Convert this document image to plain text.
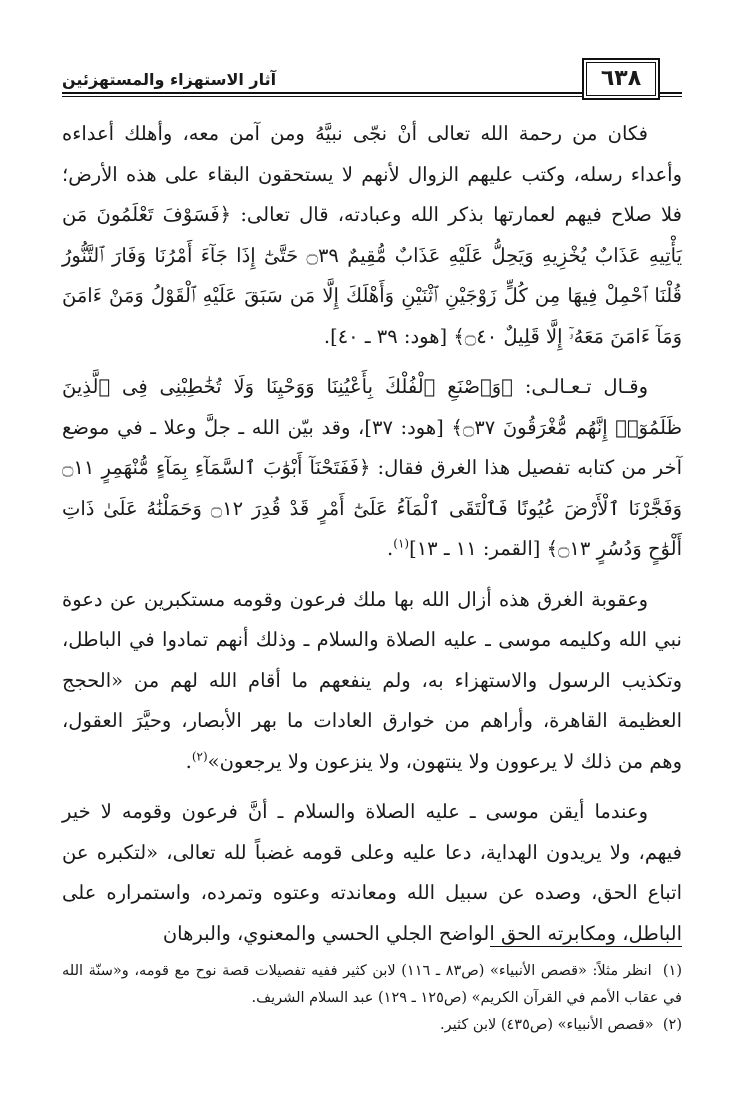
آثار الاستهزاء والمستهزئين	٦٣٨

فكان من رحمة الله تعالى أنْ نجّى نبيَّهُ ومن آمن معه، وأهلك أعداءه وأعداء رسله، وكتب عليهم الزوال لأنهم لا يستحقون البقاء على هذه الأرض؛ فلا صلاح فيهم لعمارتها بذكر الله وعبادته، قال تعالى: ﴿فَسَوْفَ تَعْلَمُونَ مَن يَأْتِيهِ عَذَابٌ يُخْزِيهِ وَيَحِلُّ عَلَيْهِ عَذَابٌ مُّقِيمٌ ۝٣٩ حَتَّىٰٓ إِذَا جَآءَ أَمْرُنَا وَفَارَ ٱلتَّنُّورُ قُلْنَا ٱحْمِلْ فِيهَا مِن كُلٍّ زَوْجَيْنِ ٱثْنَيْنِ وَأَهْلَكَ إِلَّا مَن سَبَقَ عَلَيْهِ ٱلْقَوْلُ وَمَنْ ءَامَنَ وَمَآ ءَامَنَ مَعَهُۥٓ إِلَّا قَلِيلٌ ۝٤٠﴾ [هود: ٣٩ ـ ٤٠].

وقـال تـعـالـى: ﴿وَٱصْنَعِ ٱلْفُلْكَ بِأَعْيُنِنَا وَوَحْيِنَا وَلَا تُخَٰطِبْنِى فِى ٱلَّذِينَ ظَلَمُوٓا۟ إِنَّهُم مُّغْرَقُونَ ۝٣٧﴾ [هود: ٣٧]، وقد بيّن الله ـ جلَّ وعلا ـ في موضع آخر من كتابه تفصيل هذا الغرق فقال: ﴿فَفَتَحْنَآ أَبْوَٰبَ ٱلسَّمَآءِ بِمَآءٍ مُّنْهَمِرٍ ۝١١ وَفَجَّرْنَا ٱلْأَرْضَ عُيُونًا فَٱلْتَقَى ٱلْمَآءُ عَلَىٰٓ أَمْرٍ قَدْ قُدِرَ ۝١٢ وَحَمَلْنَٰهُ عَلَىٰ ذَاتِ أَلْوَٰحٍ وَدُسُرٍ ۝١٣﴾ [القمر: ١١ ـ ١٣]$^{(١)}$.

وعقوبة الغرق هذه أزال الله بها ملك فرعون وقومه مستكبرين عن دعوة نبي الله وكليمه موسى ـ عليه الصلاة والسلام ـ وذلك أنهم تمادوا في الباطل، وتكذيب الرسول والاستهزاء به، ولم ينفعهم ما أقام الله لهم من «الحجج العظيمة القاهرة، وأراهم من خوارق العادات ما بهر الأبصار، وحيَّرَ العقول، وهم من ذلك لا يرعوون ولا ينتهون، ولا ينزعون ولا يرجعون»$^{(٢)}$.

وعندما أيقن موسى ـ عليه الصلاة والسلام ـ أنَّ فرعون وقومه لا خير فيهم، ولا يريدون الهداية، دعا عليه وعلى قومه غضباً لله تعالى، «لتكبره عن اتباع الحق، وصده عن سبيل الله ومعاندته وعتوه وتمرده، واستمراره على الباطل، ومكابرته الحق الواضح الجلي الحسي والمعنوي، والبرهان

(١)  انظر مثلاً: «قصص الأنبياء» (ص٨٣ ـ ١١٦) لابن كثير ففيه تفصيلات قصة نوح مع قومه، و«سنّة الله في عقاب الأمم في القرآن الكريم» (ص١٢٥ ـ ١٢٩) عبد السلام الشريف.

(٢)  «قصص الأنبياء» (ص٤٣٥) لابن كثير.
